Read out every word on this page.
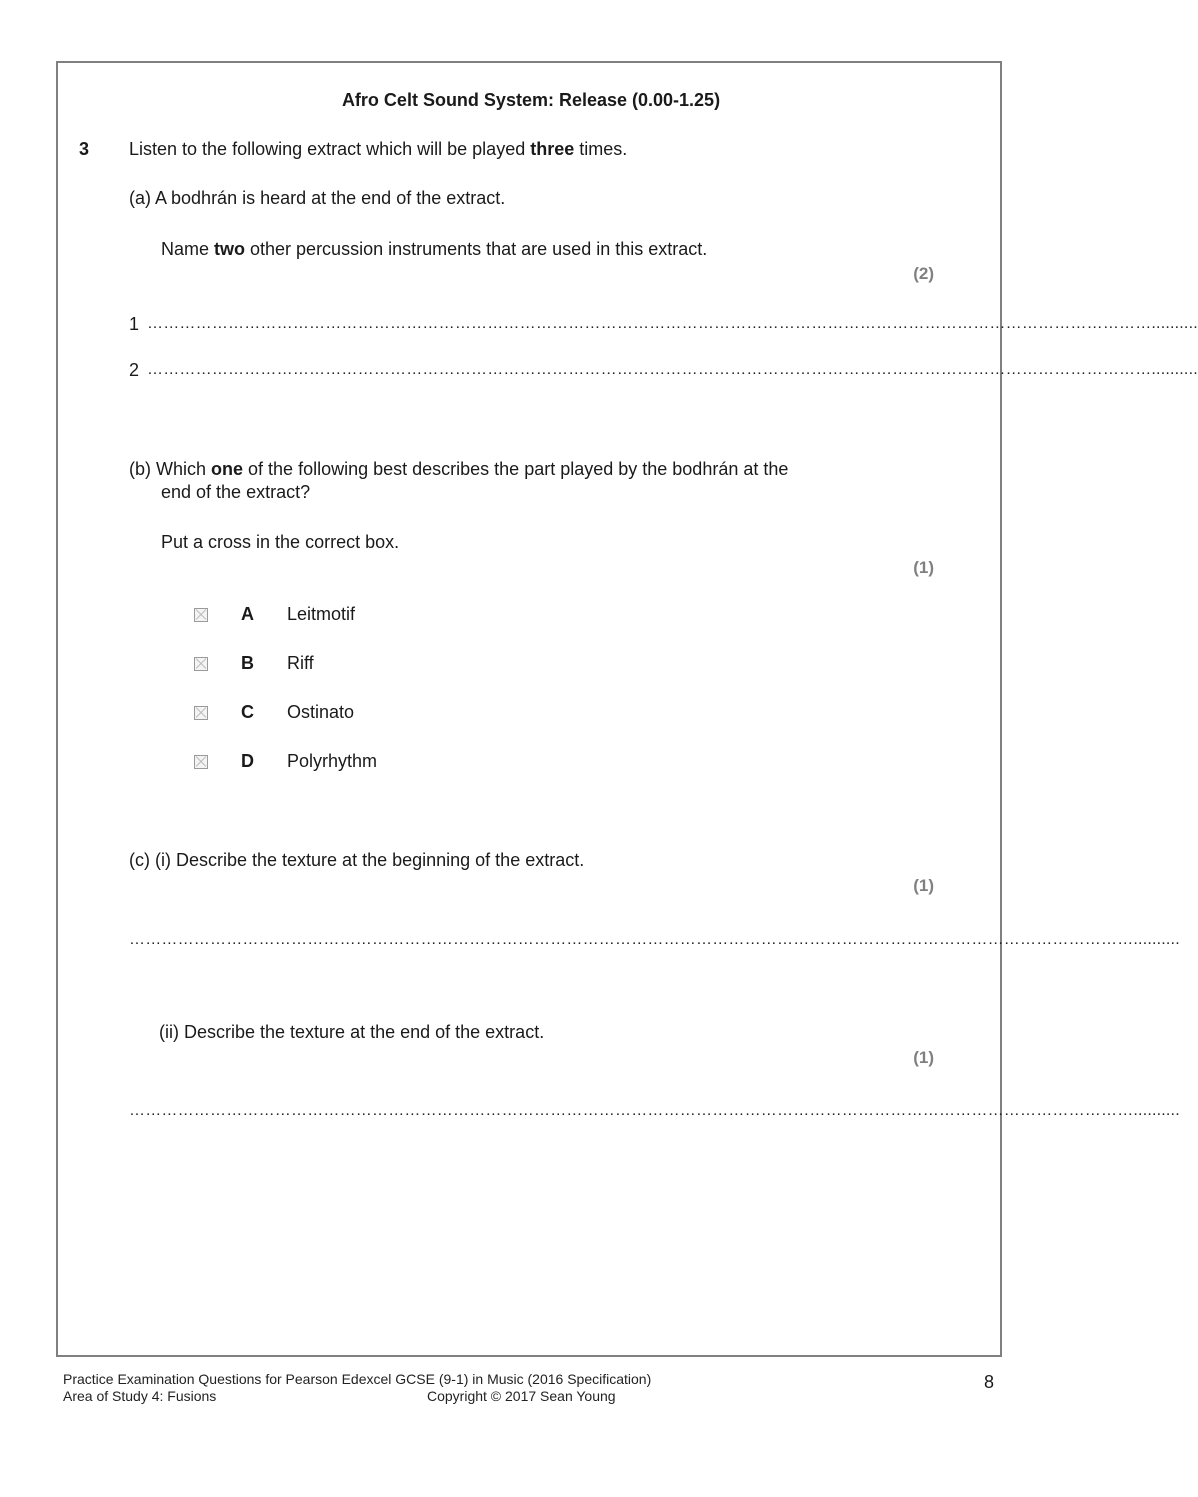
Afro Celt Sound System: Release (0.00-1.25)
3 Listen to the following extract which will be played three times.
(a) A bodhrán is heard at the end of the extract.
Name two other percussion instruments that are used in this extract.
(2)
1 ……………………………………………………………………………………………………………………………………………………………………..........
2 ……………………………………………………………………………………………………………………………………………………………………..........
(b) Which one of the following best describes the part played by the bodhrán at the
end of the extract?
Put a cross in the correct box.
(1)
A	Leitmotif
B	Riff
C	Ostinato
D	Polyrhythm
(c) (i) Describe the texture at the beginning of the extract.
(1)
……………………………………………………………………………………………………………………………………………………………………..........
(ii) Describe the texture at the end of the extract.
(1)
……………………………………………………………………………………………………………………………………………………………………..........
Practice Examination Questions for Pearson Edexcel GCSE (9-1) in Music (2016 Specification)
Area of Study 4: Fusions	Copyright © 2017 Sean Young
8
